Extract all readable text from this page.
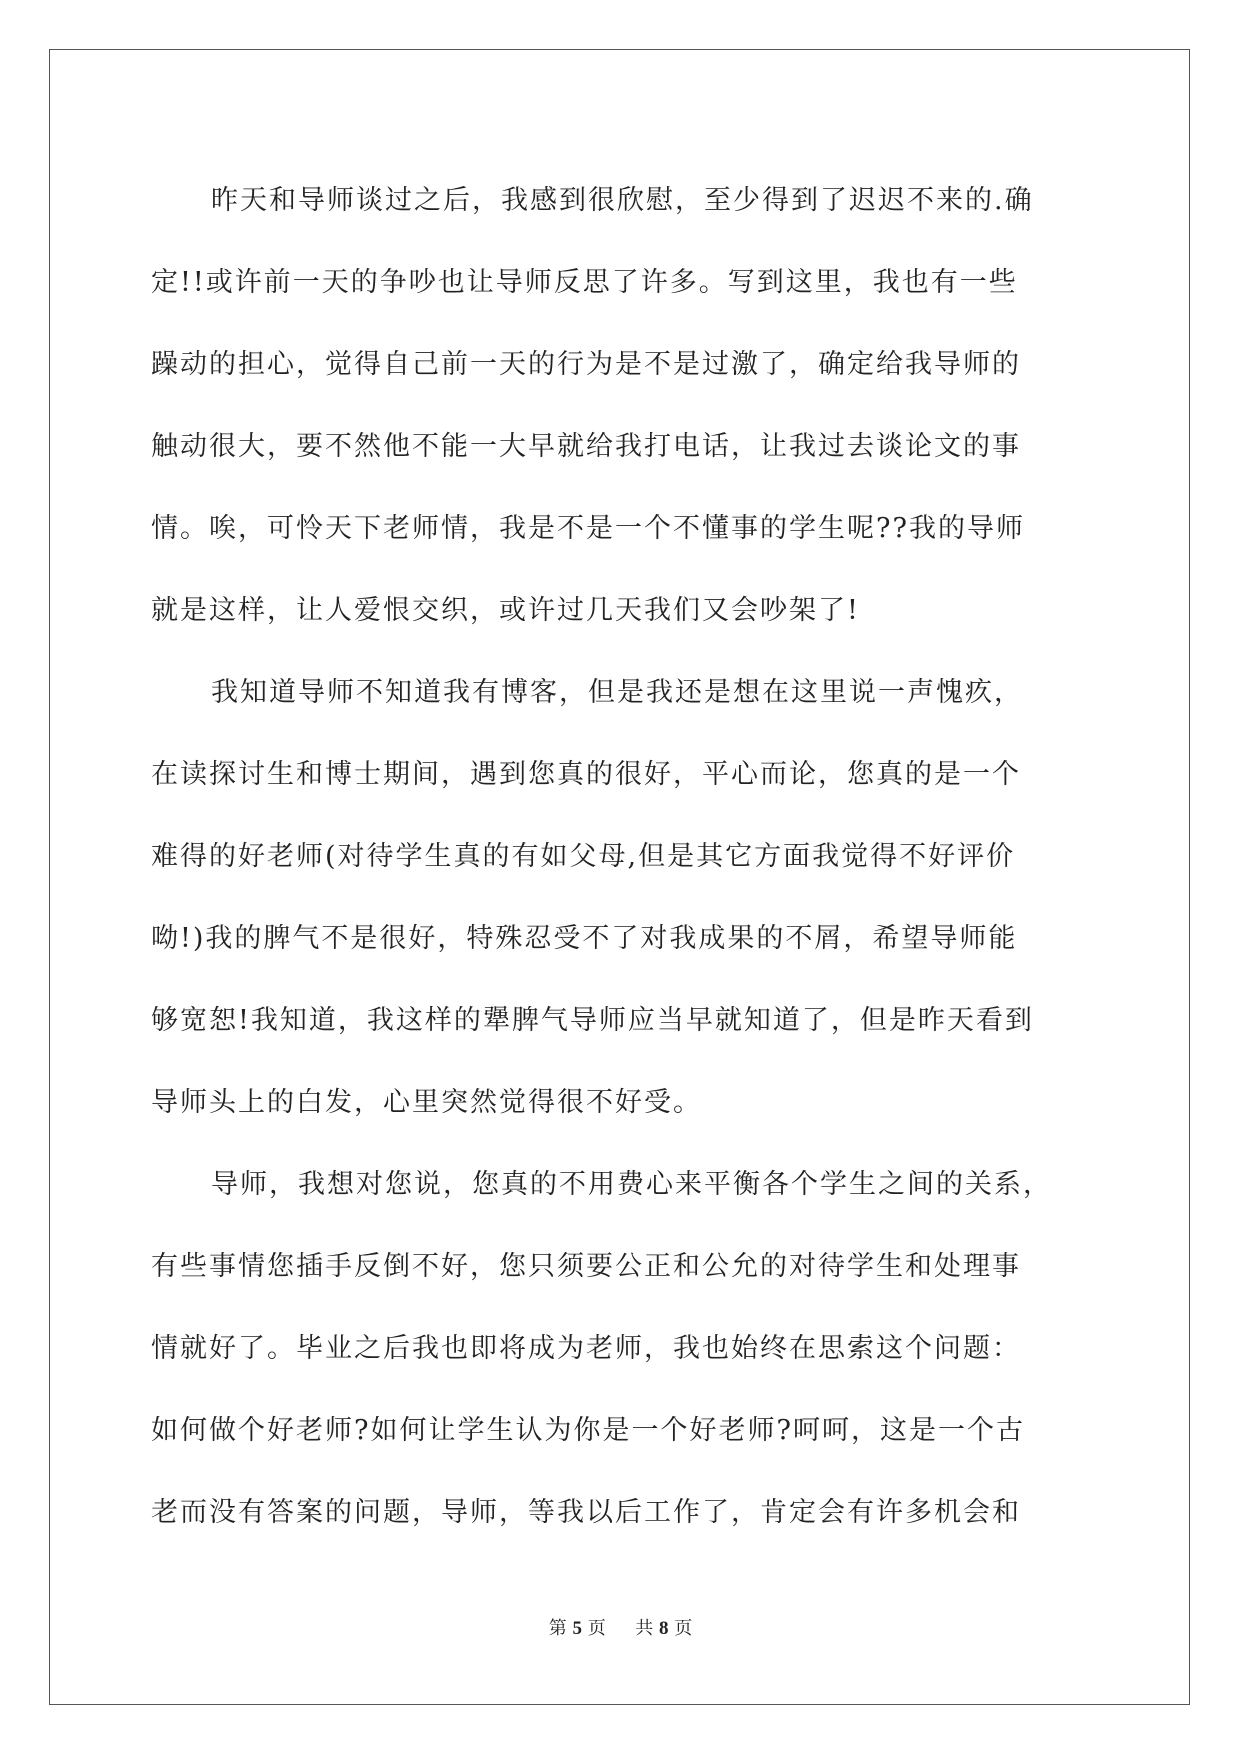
昨天和导师谈过之后，我感到很欣慰，至少得到了迟迟不来的.确
定!!或许前一天的争吵也让导师反思了许多。写到这里，我也有一些
躁动的担心，觉得自己前一天的行为是不是过激了，确定给我导师的
触动很大，要不然他不能一大早就给我打电话，让我过去谈论文的事
情。唉，可怜天下老师情，我是不是一个不懂事的学生呢??我的导师
就是这样，让人爱恨交织，或许过几天我们又会吵架了!
我知道导师不知道我有博客，但是我还是想在这里说一声愧疚，
在读探讨生和博士期间，遇到您真的很好，平心而论，您真的是一个
难得的好老师(对待学生真的有如父母,但是其它方面我觉得不好评价
呦!)我的脾气不是很好，特殊忍受不了对我成果的不屑，希望导师能
够宽恕!我知道，我这样的犟脾气导师应当早就知道了，但是昨天看到
导师头上的白发，心里突然觉得很不好受。
导师，我想对您说，您真的不用费心来平衡各个学生之间的关系，
有些事情您插手反倒不好，您只须要公正和公允的对待学生和处理事
情就好了。毕业之后我也即将成为老师，我也始终在思索这个问题：
如何做个好老师?如何让学生认为你是一个好老师?呵呵，这是一个古
老而没有答案的问题，导师，等我以后工作了，肯定会有许多机会和
第 5 页 共 8 页
